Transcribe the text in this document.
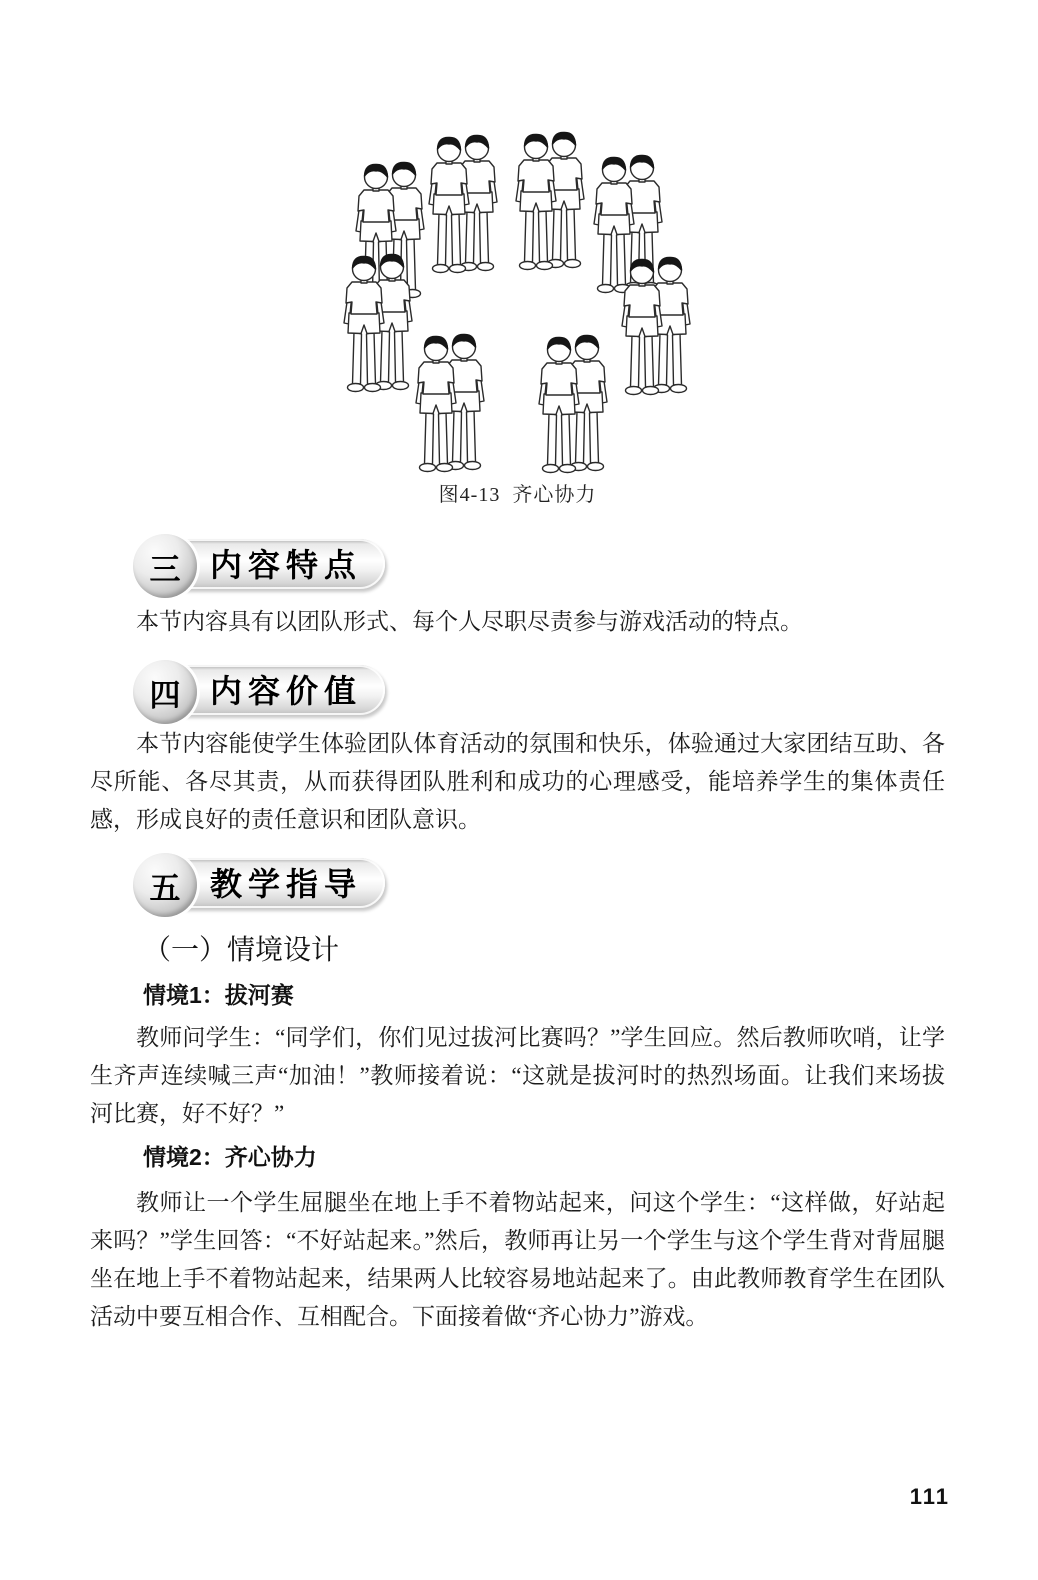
图4-13  齐心协力
内容特点
三

本节内容具有以团队形式、每个人尽职尽责参与游戏活动的特点。

内容价值
四

本节内容能使学生体验团队体育活动的氛围和快乐，体验通过大家团结互助、各尽所能、各尽其责，从而获得团队胜利和成功的心理感受，能培养学生的集体责任感，形成良好的责任意识和团队意识。

教学指导
五
（一）情境设计
情境1：拔河赛

教师问学生：“同学们，你们见过拔河比赛吗？”学生回应。然后教师吹哨，让学生齐声连续喊三声“加油！”教师接着说：“这就是拔河时的热烈场面。让我们来场拔河比赛，好不好？”

情境2：齐心协力

教师让一个学生屈腿坐在地上手不着物站起来，问这个学生：“这样做，好站起来吗？”学生回答：“不好站起来。”然后，教师再让另一个学生与这个学生背对背屈腿坐在地上手不着物站起来，结果两人比较容易地站起来了。由此教师教育学生在团队活动中要互相合作、互相配合。下面接着做“齐心协力”游戏。

111
